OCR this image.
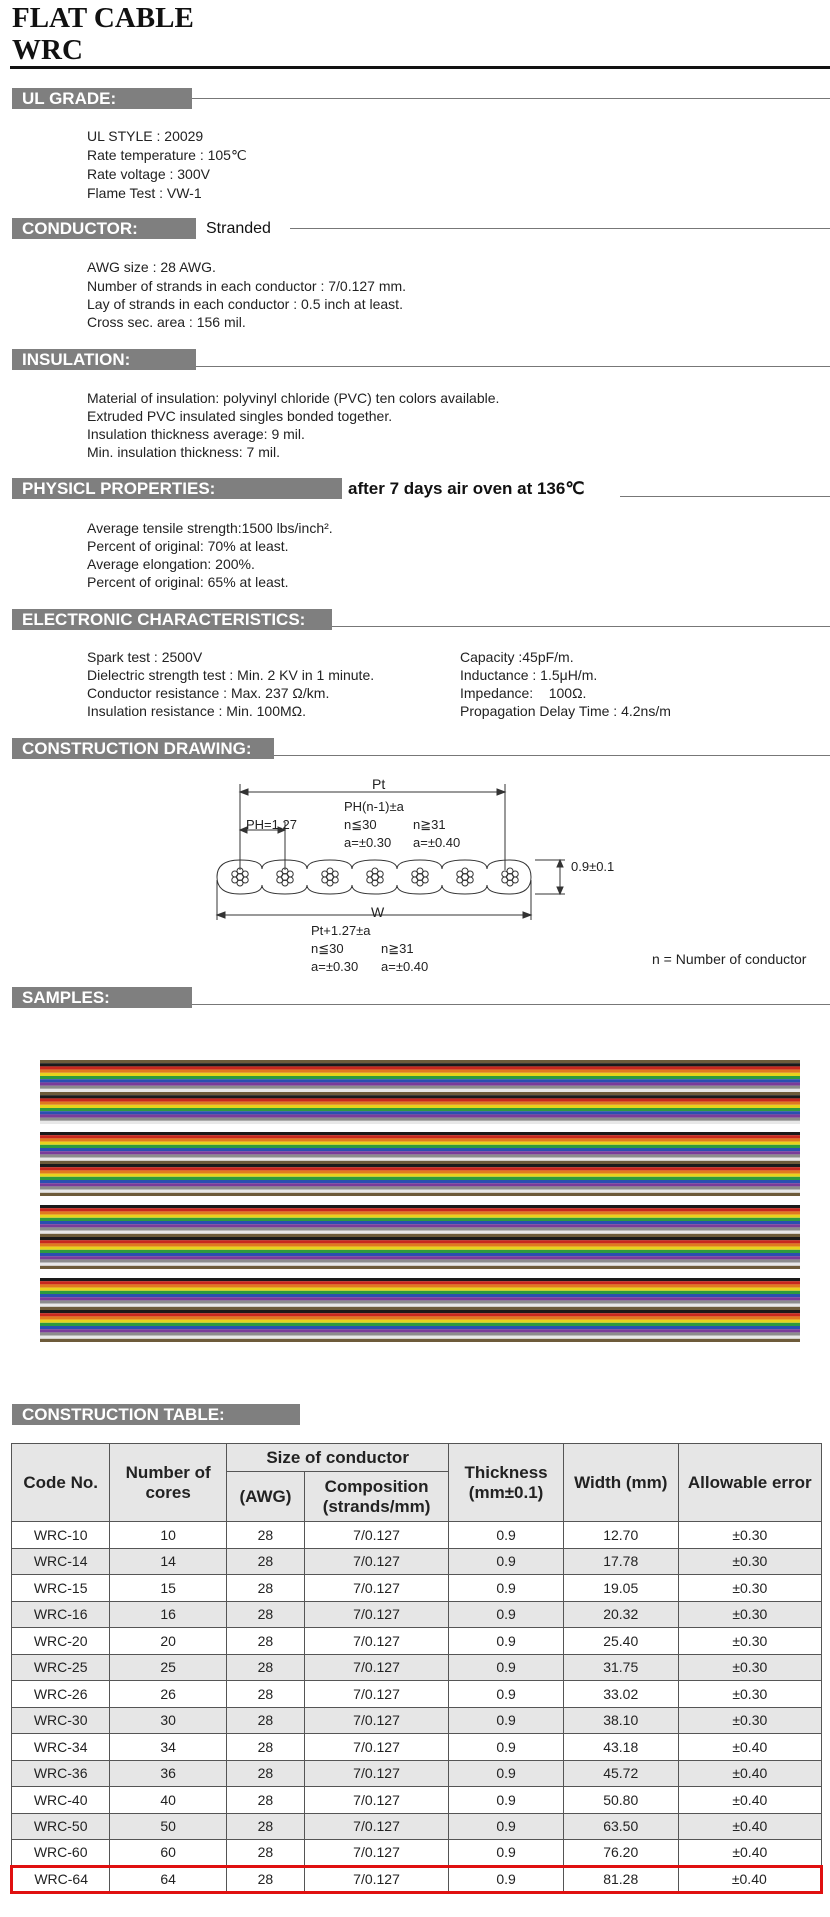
FLAT CABLE
WRC
UL GRADE:
UL STYLE : 20029
Rate temperature : 105℃
Rate voltage : 300V
Flame Test : VW-1
CONDUCTOR:	Stranded
AWG size : 28 AWG.
Number of strands in each conductor : 7/0.127 mm.
Lay of strands in each conductor : 0.5 inch at least.
Cross sec. area : 156 mil.
INSULATION:
Material of insulation: polyvinyl chloride (PVC) ten colors available.
Extruded PVC insulated singles bonded together.
Insulation thickness average: 9 mil.
Min. insulation thickness: 7 mil.
PHYSICL PROPERTIES:	after 7 days air oven at 136℃
Average tensile strength:1500 lbs/inch².
Percent of original: 70% at least.
Average elongation: 200%.
Percent of original: 65% at least.
ELECTRONIC CHARACTERISTICS:
Spark test : 2500V
Dielectric strength test : Min. 2 KV in 1 minute.
Conductor resistance : Max. 237 Ω/km.
Insulation resistance : Min. 100MΩ.
Capacity :45pF/m.
Inductance : 1.5μH/m.
Impedance:    100Ω.
Propagation Delay Time : 4.2ns/m
CONSTRUCTION DRAWING:
Pt
PH(n-1)±a
n≦30	n≧31
a=±0.30 a=±0.40
PH=1.27
0.9±0.1
W
Pt+1.27±a
n≦30	n≧31
a=±0.30 a=±0.40	n = Number of conductor
SAMPLES:
CONSTRUCTION TABLE:
Code No.	Number of cores	Size of conductor		Thickness (mm±0.1)	Width (mm)	Allowable error
		(AWG)	Composition (strands/mm)			
WRC-10	10	28	7/0.127	0.9	12.70	±0.30
WRC-14	14	28	7/0.127	0.9	17.78	±0.30
WRC-15	15	28	7/0.127	0.9	19.05	±0.30
WRC-16	16	28	7/0.127	0.9	20.32	±0.30
WRC-20	20	28	7/0.127	0.9	25.40	±0.30
WRC-25	25	28	7/0.127	0.9	31.75	±0.30
WRC-26	26	28	7/0.127	0.9	33.02	±0.30
WRC-30	30	28	7/0.127	0.9	38.10	±0.30
WRC-34	34	28	7/0.127	0.9	43.18	±0.40
WRC-36	36	28	7/0.127	0.9	45.72	±0.40
WRC-40	40	28	7/0.127	0.9	50.80	±0.40
WRC-50	50	28	7/0.127	0.9	63.50	±0.40
WRC-60	60	28	7/0.127	0.9	76.20	±0.40
WRC-64	64	28	7/0.127	0.9	81.28	±0.40
